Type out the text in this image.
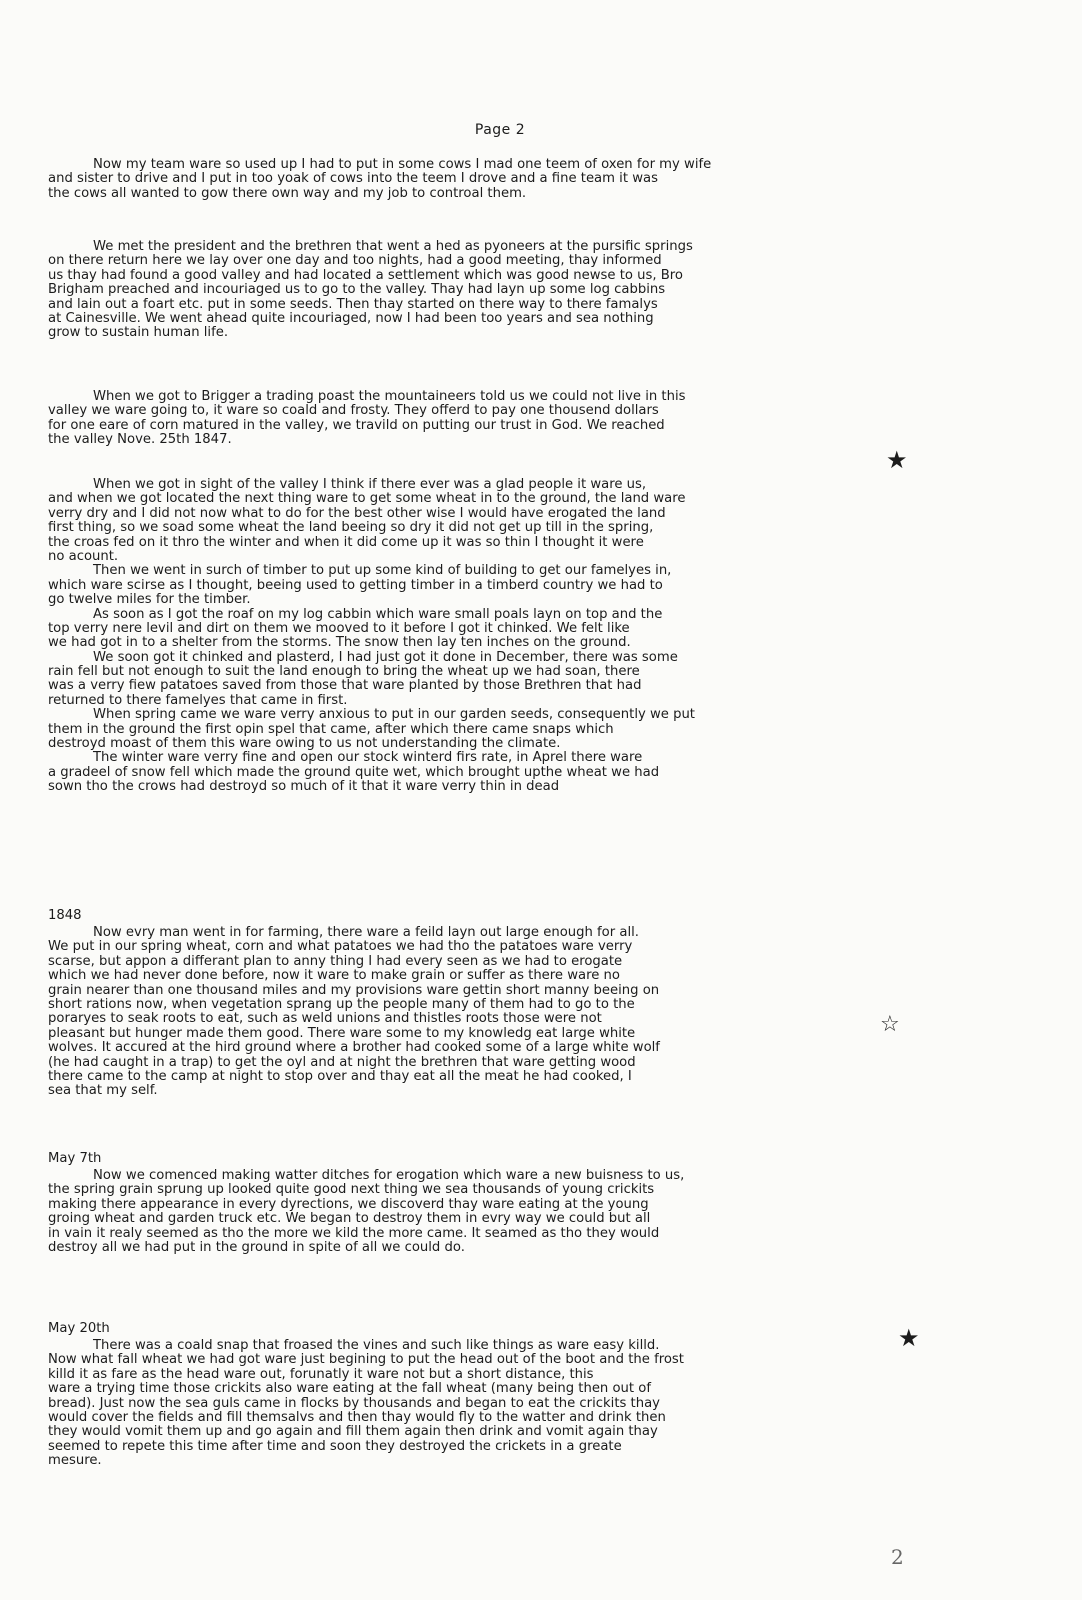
Page 2
Now my team ware so used up I had to put in some cows I mad one teem of oxen for my wife
and sister to drive and I put in too yoak of cows into the teem I drove and a fine team it was
the cows all wanted to gow there own way and my job to controal them.
We met the president and the brethren that went a hed as pyoneers at the pursific springs
on there return here we lay over one day and too nights, had a good meeting, thay informed
us thay had found a good valley and had located a settlement which was good newse to us, Bro
Brigham preached and incouriaged us to go to the valley. Thay had layn up some log cabbins
and lain out a foart etc. put in some seeds. Then thay started on there way to there famalys
at Cainesville. We went ahead quite incouriaged, now I had been too years and sea nothing
grow to sustain human life.
When we got to Brigger a trading poast the mountaineers told us we could not live in this
valley we ware going to, it ware so coald and frosty. They offerd to pay one thousend dollars
for one eare of corn matured in the valley, we travild on putting our trust in God. We reached
the valley Nove. 25th 1847.
When we got in sight of the valley I think if there ever was a glad people it ware us,
and when we got located the next thing ware to get some wheat in to the ground, the land ware
verry dry and I did not now what to do for the best other wise I would have erogated the land
first thing, so we soad some wheat the land beeing so dry it did not get up till in the spring,
the croas fed on it thro the winter and when it did come up it was so thin I thought it were
no acount.
Then we went in surch of timber to put up some kind of building to get our famelyes in,
which ware scirse as I thought, beeing used to getting timber in a timberd country we had to
go twelve miles for the timber.
As soon as I got the roaf on my log cabbin which ware small poals layn on top and the
top verry nere levil and dirt on them we mooved to it before I got it chinked. We felt like
we had got in to a shelter from the storms. The snow then lay ten inches on the ground.
We soon got it chinked and plasterd, I had just got it done in December, there was some
rain fell but not enough to suit the land enough to bring the wheat up we had soan, there
was a verry fiew patatoes saved from those that ware planted by those Brethren that had
returned to there famelyes that came in first.
When spring came we ware verry anxious to put in our garden seeds, consequently we put
them in the ground the first opin spel that came, after which there came snaps which
destroyd moast of them this ware owing to us not understanding the climate.
The winter ware verry fine and open our stock winterd firs rate, in Aprel there ware
a gradeel of snow fell which made the ground quite wet, which brought upthe wheat we had
sown tho the crows had destroyd so much of it that it ware verry thin in dead
1848
Now evry man went in for farming, there ware a feild layn out large enough for all.
We put in our spring wheat, corn and what patatoes we had tho the patatoes ware verry
scarse, but appon a differant plan to anny thing I had every seen as we had to erogate
which we had never done before, now it ware to make grain or suffer as there ware no
grain nearer than one thousand miles and my provisions ware gettin short manny beeing on
short rations now, when vegetation sprang up the people many of them had to go to the
poraryes to seak roots to eat, such as weld unions and thistles roots those were not
pleasant but hunger made them good. There ware some to my knowledg eat large white
wolves. It accured at the hird ground where a brother had cooked some of a large white wolf
(he had caught in a trap) to get the oyl and at night the brethren that ware getting wood
there came to the camp at night to stop over and thay eat all the meat he had cooked, I
sea that my self.
May 7th
Now we comenced making watter ditches for erogation which ware a new buisness to us,
the spring grain sprung up looked quite good next thing we sea thousands of young crickits
making there appearance in every dyrections, we discoverd thay ware eating at the young
groing wheat and garden truck etc. We began to destroy them in evry way we could but all
in vain it realy seemed as tho the more we kild the more came. It seamed as tho they would
destroy all we had put in the ground in spite of all we could do.
May 20th
There was a coald snap that froased the vines and such like things as ware easy killd.
Now what fall wheat we had got ware just begining to put the head out of the boot and the frost
killd it as fare as the head ware out, forunatly it ware not but a short distance, this
ware a trying time those crickits also ware eating at the fall wheat (many being then out of
bread). Just now the sea guls came in flocks by thousands and began to eat the crickits thay
would cover the fields and fill themsalvs and then thay would fly to the watter and drink then
they would vomit them up and go again and fill them again then drink and vomit again thay
seemed to repete this time after time and soon they destroyed the crickets in a greate
mesure.
★
☆
★
2
